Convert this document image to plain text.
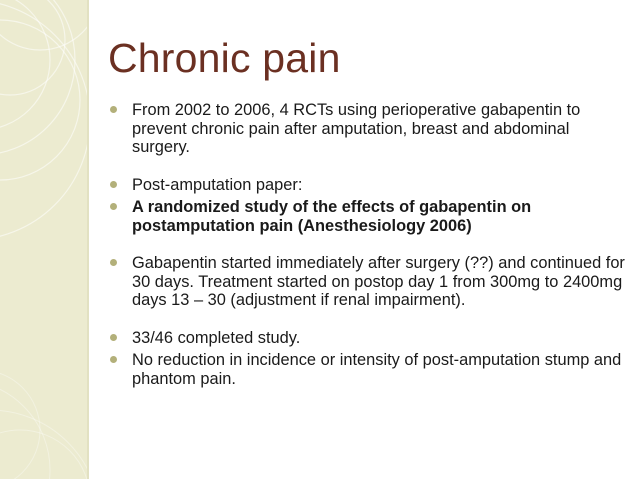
Chronic pain
From 2002 to 2006, 4 RCTs using perioperative gabapentin to prevent chronic pain after amputation, breast and abdominal surgery.
Post-amputation paper:
A randomized study of the effects of gabapentin on postamputation pain (Anesthesiology 2006)
Gabapentin started immediately after surgery (??) and continued for 30 days. Treatment started on postop day 1 from 300mg to 2400mg days 13 – 30 (adjustment if renal impairment).
33/46 completed study.
No reduction in incidence or intensity of post-amputation stump and phantom pain.
